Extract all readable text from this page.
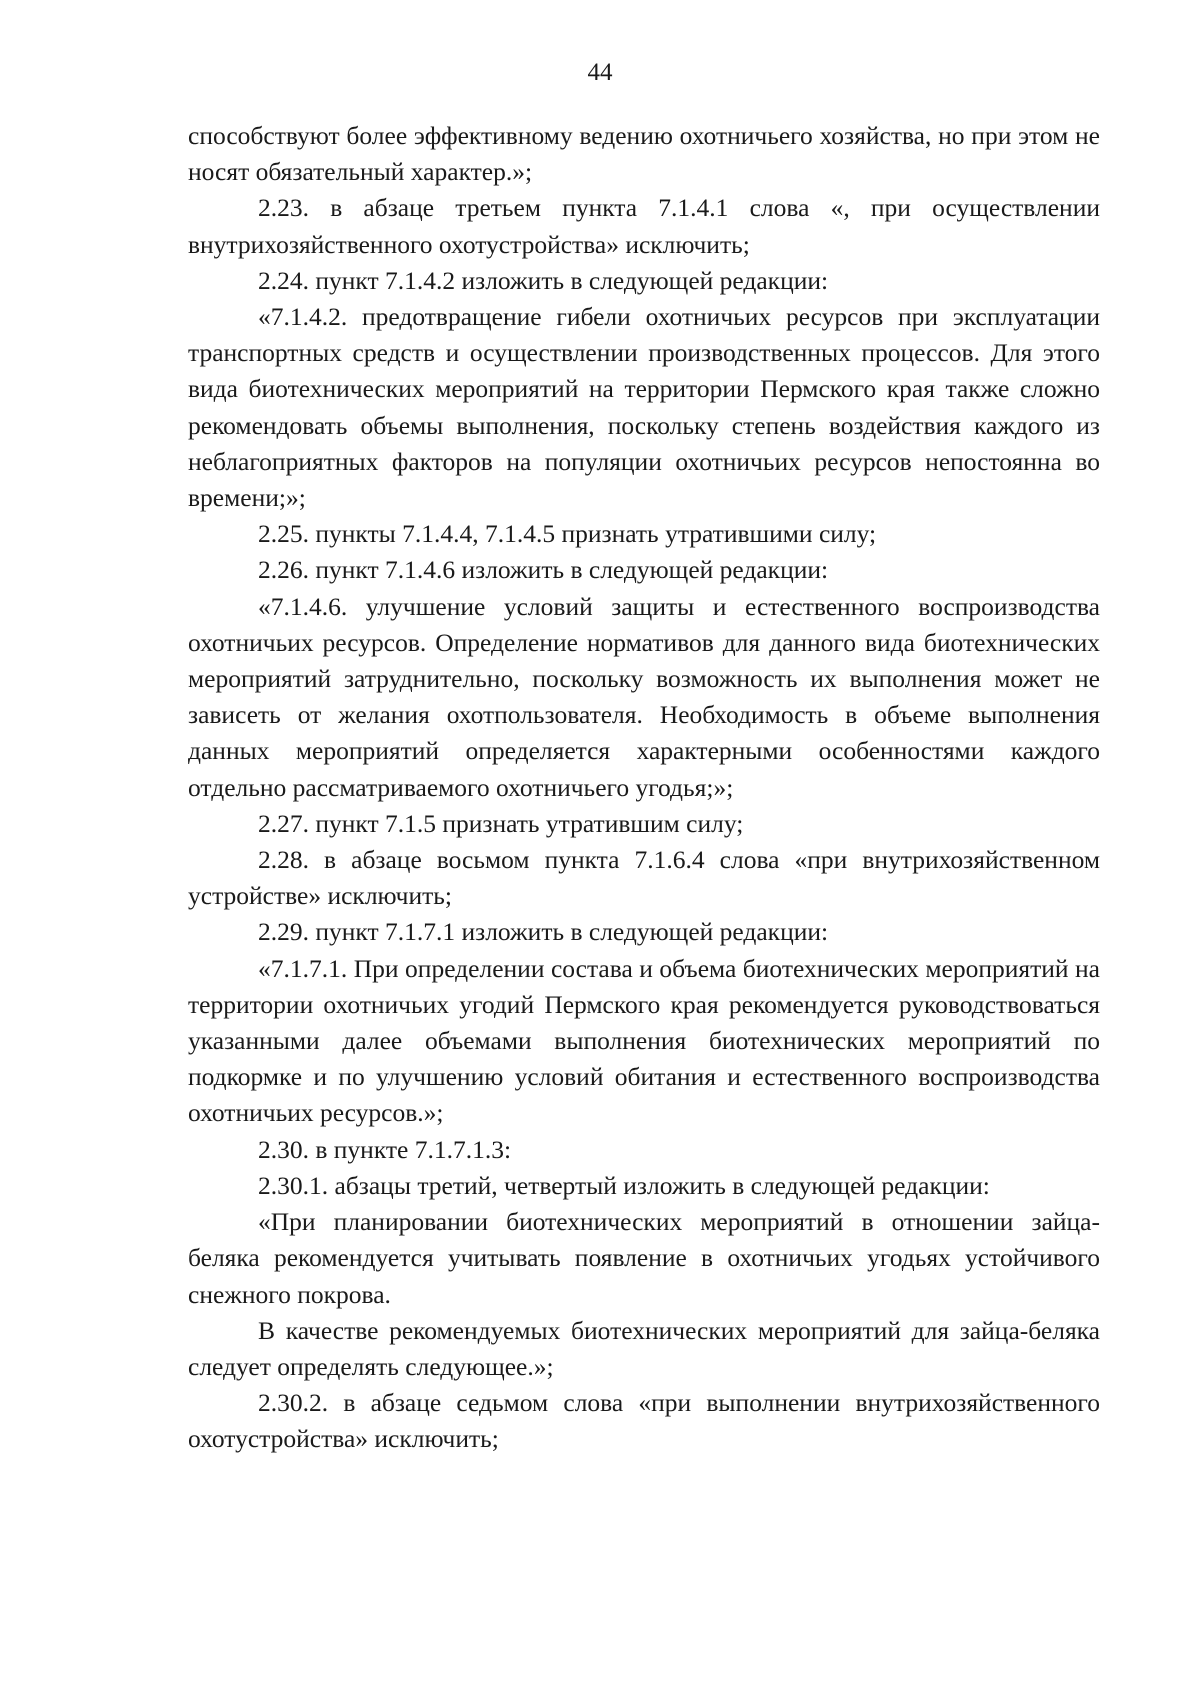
44

способствуют более эффективному ведению охотничьего хозяйства, но при этом не носят обязательный характер.»;

2.23. в абзаце третьем пункта 7.1.4.1 слова «, при осуществлении внутрихозяйственного охотустройства» исключить;

2.24. пункт 7.1.4.2 изложить в следующей редакции:

«7.1.4.2. предотвращение гибели охотничьих ресурсов при эксплуатации транспортных средств и осуществлении производственных процессов. Для этого вида биотехнических мероприятий на территории Пермского края также сложно рекомендовать объемы выполнения, поскольку степень воздействия каждого из неблагоприятных факторов на популяции охотничьих ресурсов непостоянна во времени;»;

2.25. пункты 7.1.4.4, 7.1.4.5 признать утратившими силу;

2.26. пункт 7.1.4.6 изложить в следующей редакции:

«7.1.4.6. улучшение условий защиты и естественного воспроизводства охотничьих ресурсов. Определение нормативов для данного вида биотехнических мероприятий затруднительно, поскольку возможность их выполнения может не зависеть от желания охотпользователя. Необходимость в объеме выполнения данных мероприятий определяется характерными особенностями каждого отдельно рассматриваемого охотничьего угодья;»;

2.27. пункт 7.1.5 признать утратившим силу;

2.28. в абзаце восьмом пункта 7.1.6.4 слова «при внутрихозяйственном устройстве» исключить;

2.29. пункт 7.1.7.1 изложить в следующей редакции:

«7.1.7.1. При определении состава и объема биотехнических мероприятий на территории охотничьих угодий Пермского края рекомендуется руководствоваться указанными далее объемами выполнения биотехнических мероприятий по подкормке и по улучшению условий обитания и естественного воспроизводства охотничьих ресурсов.»;

2.30. в пункте 7.1.7.1.3:

2.30.1. абзацы третий, четвертый изложить в следующей редакции:

«При планировании биотехнических мероприятий в отношении зайца-беляка рекомендуется учитывать появление в охотничьих угодьях устойчивого снежного покрова.

В качестве рекомендуемых биотехнических мероприятий для зайца-беляка следует определять следующее.»;

2.30.2. в абзаце седьмом слова «при выполнении внутрихозяйственного охотустройства» исключить;
